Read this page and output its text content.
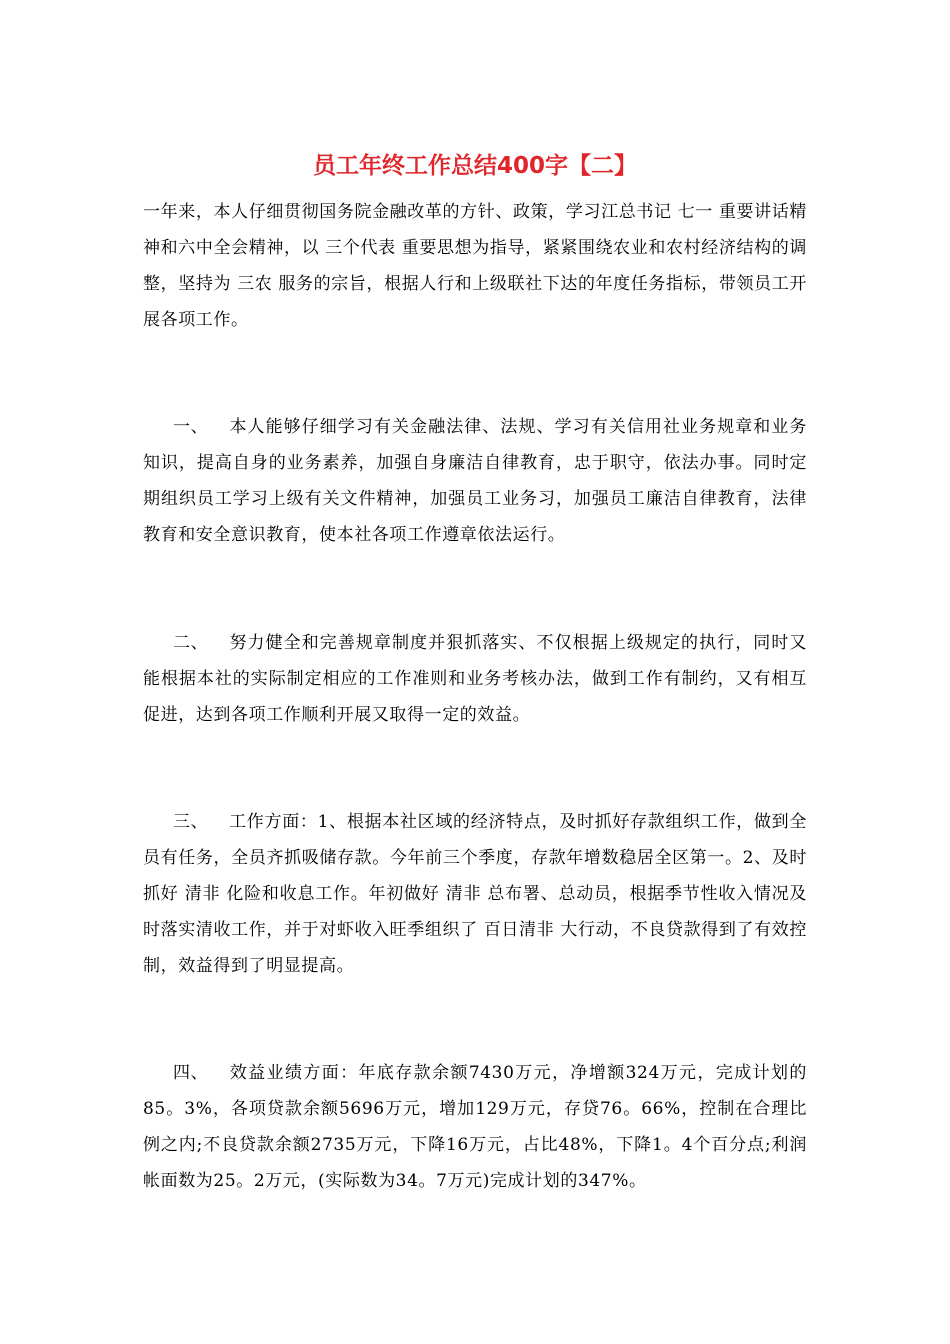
员工年终工作总结400字【二】

一年来，本人仔细贯彻国务院金融改革的方针、政策，学习江总书记 七一 重要讲话精神和六中全会精神，以 三个代表 重要思想为指导，紧紧围绕农业和农村经济结构的调整，坚持为 三农 服务的宗旨，根据人行和上级联社下达的年度任务指标，带领员工开展各项工作。

一、 本人能够仔细学习有关金融法律、法规、学习有关信用社业务规章和业务知识，提高自身的业务素养，加强自身廉洁自律教育，忠于职守，依法办事。同时定期组织员工学习上级有关文件精神，加强员工业务习，加强员工廉洁自律教育，法律教育和安全意识教育，使本社各项工作遵章依法运行。

二、 努力健全和完善规章制度并狠抓落实、不仅根据上级规定的执行，同时又能根据本社的实际制定相应的工作准则和业务考核办法，做到工作有制约，又有相互促进，达到各项工作顺利开展又取得一定的效益。

三、 工作方面：1、根据本社区域的经济特点，及时抓好存款组织工作，做到全员有任务，全员齐抓吸储存款。今年前三个季度，存款年增数稳居全区第一。2、及时抓好 清非 化险和收息工作。年初做好 清非 总布署、总动员，根据季节性收入情况及时落实清收工作，并于对虾收入旺季组织了 百日清非 大行动，不良贷款得到了有效控制，效益得到了明显提高。

四、 效益业绩方面：年底存款余额7430万元，净增额324万元，完成计划的85。3%，各项贷款余额5696万元，增加129万元，存贷76。66%，控制在合理比例之内;不良贷款余额2735万元，下降16万元，占比48%，下降1。4个百分点;利润帐面数为25。2万元，(实际数为34。7万元)完成计划的347%。
